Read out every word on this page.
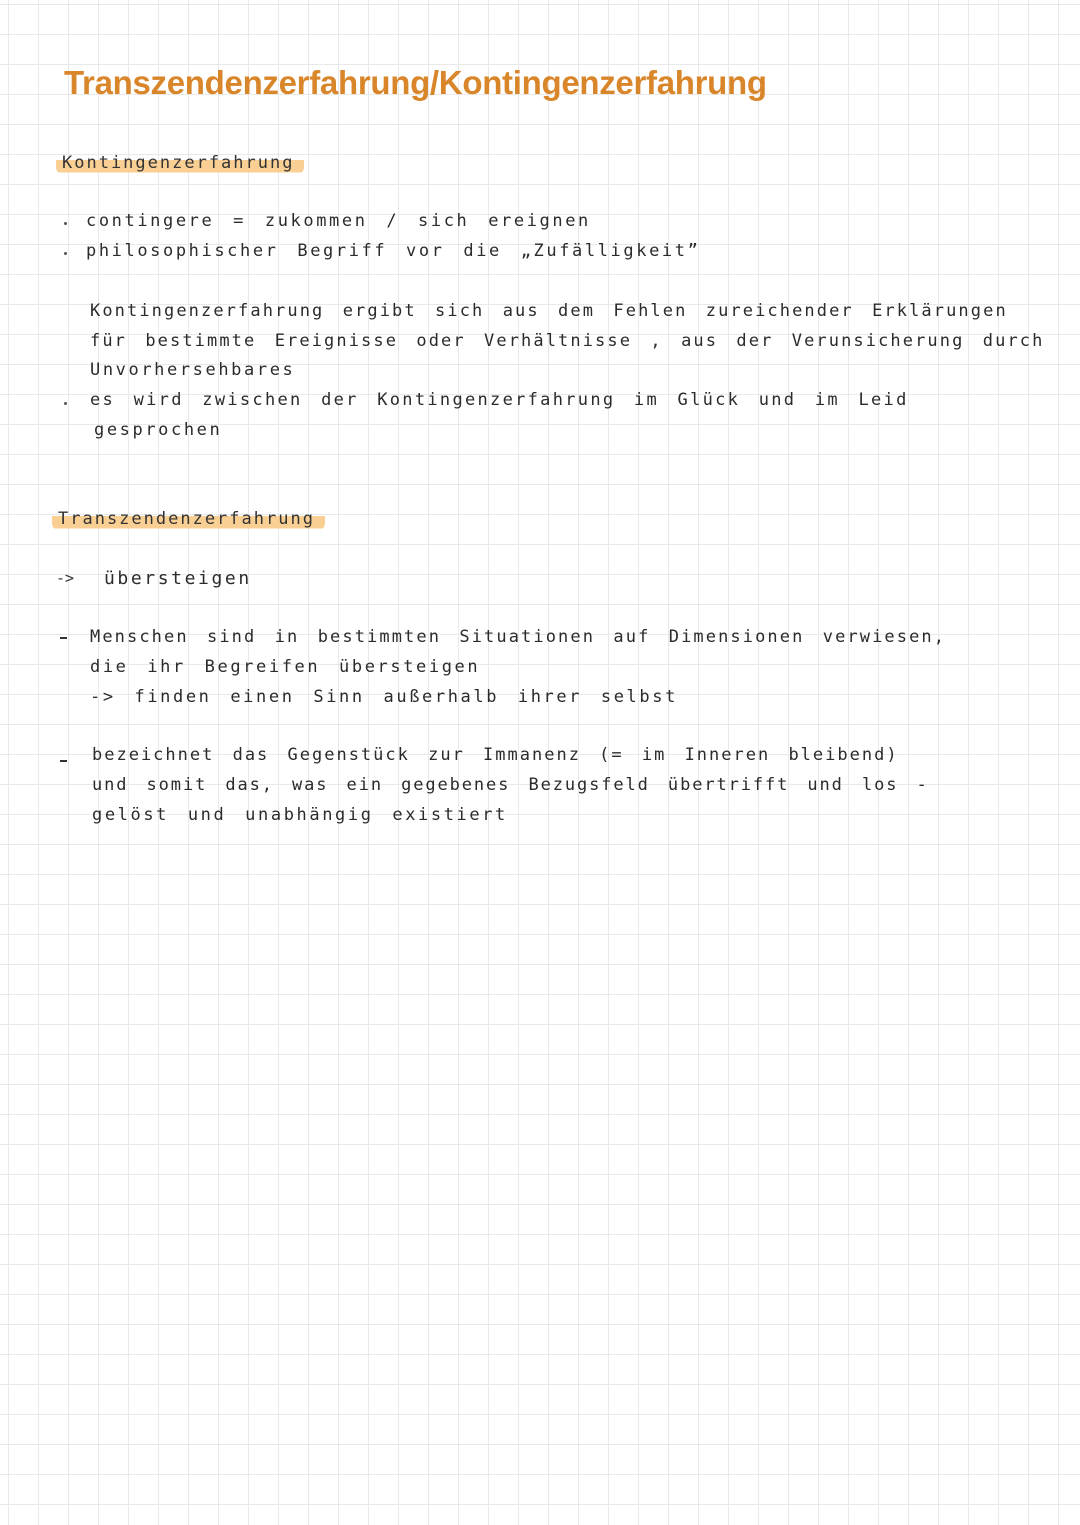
Transzendenzerfahrung/Kontingenzerfahrung
Kontingenzerfahrung
contingere = zukommen / sich ereignen
philosophischer Begriff vor die „Zufälligkeit”
Kontingenzerfahrung ergibt sich aus dem Fehlen zureichender Erklärungen
für bestimmte Ereignisse oder Verhältnisse , aus der Verunsicherung durch
Unvorhersehbares
es wird zwischen der Kontingenzerfahrung im Glück und im Leid
gesprochen
Transzendenzerfahrung
-> übersteigen
Menschen sind in bestimmten Situationen auf Dimensionen verwiesen,
die ihr Begreifen übersteigen
-> finden einen Sinn außerhalb ihrer selbst
bezeichnet das Gegenstück zur Immanenz (= im Inneren bleibend)
und somit das, was ein gegebenes Bezugsfeld übertrifft und los -
gelöst und unabhängig existiert
